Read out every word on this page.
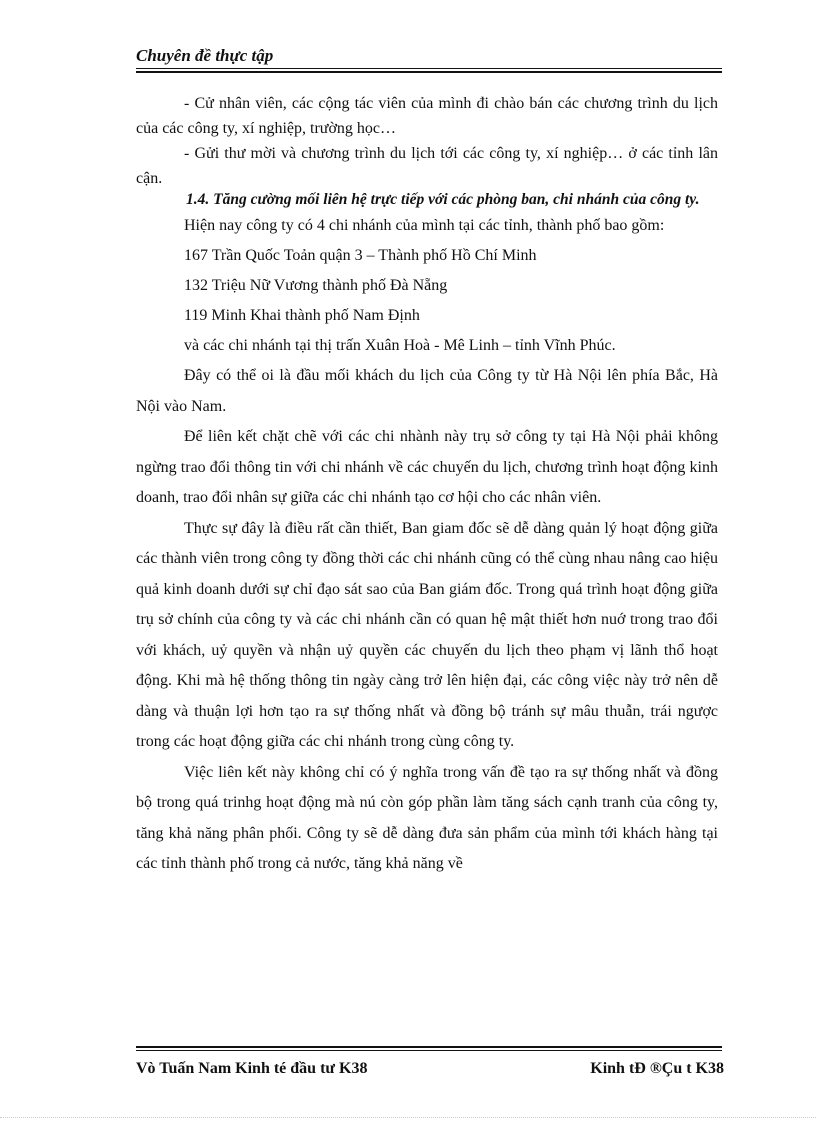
Chuyên đề thực tập

- Cử nhân viên, các cộng tác viên của mình đi chào bán các chương trình du lịch của các công ty, xí nghiệp, trường học…

- Gửi thư mời và chương trình du lịch tới các công ty, xí nghiệp… ở các tỉnh lân cận.

1.4. Tăng cường mối liên hệ trực tiếp với các phòng ban, chi nhánh của công ty.

Hiện nay công ty có 4 chi nhánh của mình tại các tỉnh, thành phố bao gồm:

167 Trần Quốc Toản quận 3 – Thành phố Hồ Chí Minh

132 Triệu Nữ Vương thành phố Đà Nẵng

119 Minh Khai thành phố Nam Định

và các chi nhánh tại thị trấn Xuân Hoà - Mê Linh – tỉnh Vĩnh Phúc.

Đây có thể oi là đầu mối khách du lịch của Công ty từ Hà Nội lên phía Bắc, Hà Nội vào Nam.

Để liên kết chặt chẽ với các chi nhành này trụ sở công ty tại Hà Nội phải không ngừng trao đổi thông tin với chi nhánh về các chuyến du lịch, chương trình hoạt động kinh doanh, trao đổi nhân sự giữa các chi nhánh tạo cơ hội cho các nhân viên.

Thực sự đây là điều rất cần thiết, Ban giam đốc sẽ dễ dàng quản lý hoạt động giữa các thành viên trong công ty đồng thời các chi nhánh cũng có thể cùng nhau nâng cao hiệu quả kinh doanh dưới sự chỉ đạo sát sao của Ban giám đốc. Trong quá trình hoạt động giữa trụ sở chính của công ty và các chi nhánh cần có quan hệ mật thiết hơn nuớ trong trao đổi với khách, uỷ quyền và nhận uỷ quyền các chuyến du lịch theo phạm vị lãnh thổ hoạt động. Khi mà hệ thống thông tin ngày càng trở lên hiện đại, các công việc này trở nên dễ dàng và thuận lợi hơn tạo ra sự thống nhất và đồng bộ tránh sự mâu thuẫn, trái ngược trong các hoạt động giữa các chi nhánh trong cùng công ty.

Việc liên kết này không chỉ có ý nghĩa trong vấn đề tạo ra sự thống nhất và đồng bộ trong quá trinhg hoạt động mà nú còn góp phần làm tăng sách cạnh tranh của công ty, tăng khả năng phân phối. Công ty sẽ dễ dàng đưa sản phẩm của mình tới khách hàng tại các tỉnh thành phố trong cả nước, tăng khả năng về

Vò Tuấn Nam Kinh té đầu tư K38	Kinh tÐ ®Çu t K38
